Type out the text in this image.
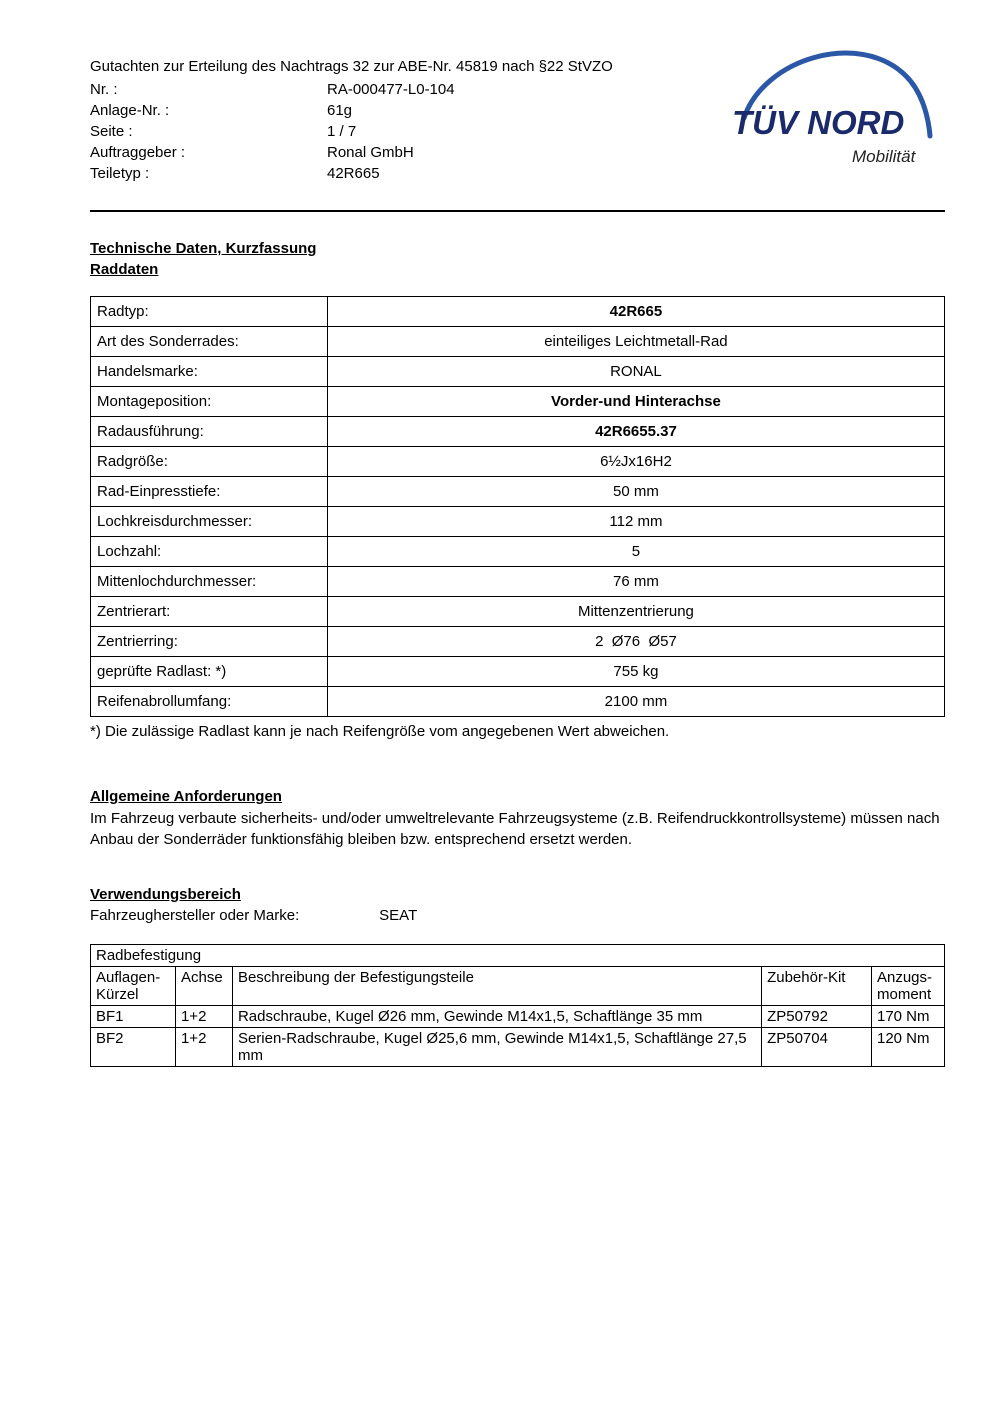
Gutachten zur Erteilung des Nachtrags 32 zur ABE-Nr. 45819 nach §22 StVZO
Nr. :	RA-000477-L0-104
Anlage-Nr. :	61g
Seite :	1 / 7
Auftraggeber :	Ronal GmbH
Teiletyp :	42R665
TÜV NORD
Mobilität
Technische Daten, Kurzfassung
Raddaten
Radtyp:	42R665
Art des Sonderrades:	einteiliges Leichtmetall-Rad
Handelsmarke:	RONAL
Montageposition:	Vorder-und Hinterachse
Radausführung:	42R6655.37
Radgröße:	6½Jx16H2
Rad-Einpresstiefe:	50 mm
Lochkreisdurchmesser:	112 mm
Lochzahl:	5
Mittenlochdurchmesser:	76 mm
Zentrierart:	Mittenzentrierung
Zentrierring:	2  Ø76  Ø57
geprüfte Radlast: *)	755 kg
Reifenabrollumfang:	2100 mm
*) Die zulässige Radlast kann je nach Reifengröße vom angegebenen Wert abweichen.
Allgemeine Anforderungen

Im Fahrzeug verbaute sicherheits- und/oder umweltrelevante Fahrzeugsysteme (z.B. Reifendruckkontrollsysteme) müssen nach Anbau der Sonderräder funktionsfähig bleiben bzw. entsprechend ersetzt werden.

Verwendungsbereich
Fahrzeughersteller oder Marke:	SEAT
Radbefestigung				
Auflagen-Kürzel	Achse	Beschreibung der Befestigungsteile	Zubehör-Kit	Anzugs-moment
BF1	1+2	Radschraube, Kugel Ø26 mm, Gewinde M14x1,5, Schaftlänge 35 mm	ZP50792	170 Nm
BF2	1+2	Serien-Radschraube, Kugel Ø25,6 mm, Gewinde M14x1,5, Schaftlänge 27,5 mm	ZP50704	120 Nm
